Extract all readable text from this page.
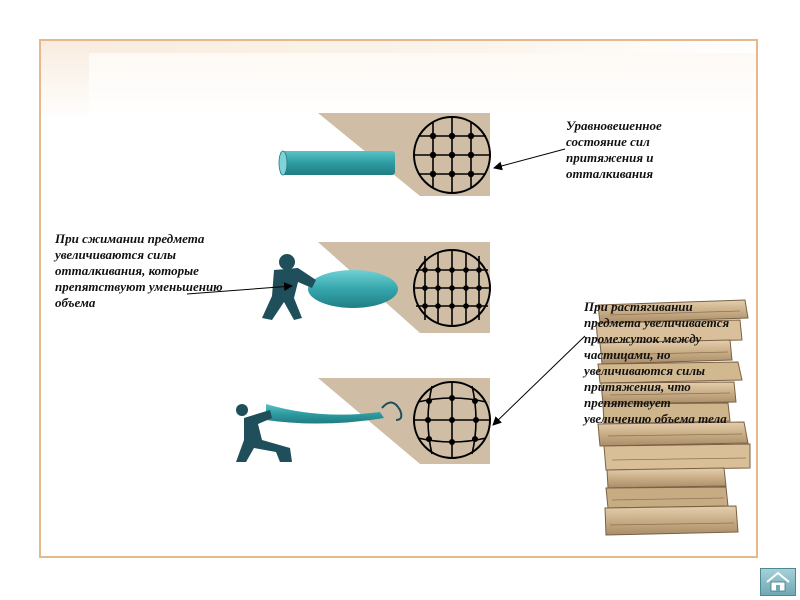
Уравновешенное состояние сил притяжения и отталкивания
При сжимании предмета увеличиваются силы отталкивания, которые препятствуют уменьшению объема	При растягивании предмета увеличивается промежуток между частицами, но увеличиваются силы притяжения, что препятствует увеличению объема тела
